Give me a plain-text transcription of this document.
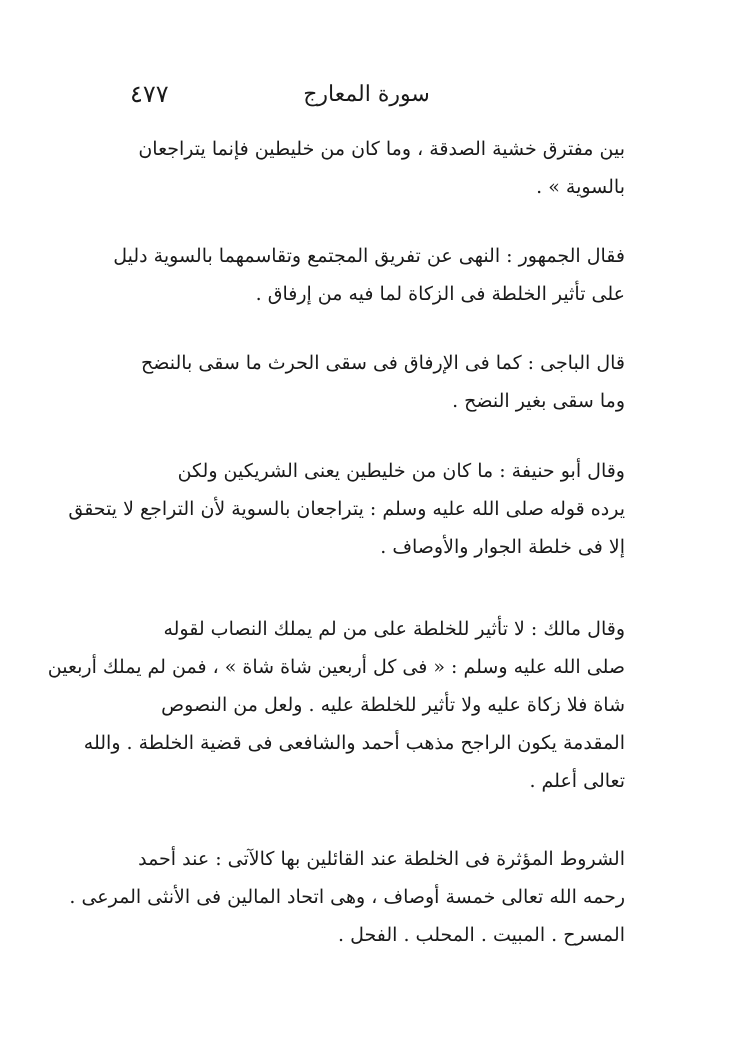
٤٧٧	سورة المعارج
بين مفترق خشية الصدقة ، وما كان من خليطين فإنما يتراجعان
بالسوية » .
فقال الجمهور : النهى عن تفريق المجتمع وتقاسمهما بالسوية دليل
على تأثير الخلطة فى الزكاة لما فيه من إرفاق .
قال الباجى : كما فى الإرفاق فى سقى الحرث ما سقى بالنضح
وما سقى بغير النضح .
وقال أبو حنيفة : ما كان من خليطين يعنى الشريكين ولكن
يرده قوله صلى الله عليه وسلم : يتراجعان بالسوية لأن التراجع لا يتحقق
إلا فى خلطة الجوار والأوصاف .
وقال مالك : لا تأثير للخلطة على من لم يملك النصاب لقوله
صلى الله عليه وسلم : « فى كل أربعين شاة شاة » ، فمن لم يملك أربعين
شاة فلا زكاة عليه ولا تأثير للخلطة عليه . ولعل من النصوص
المقدمة يكون الراجح مذهب أحمد والشافعى فى قضية الخلطة . والله
تعالى أعلم .
الشروط المؤثرة فى الخلطة عند القائلين بها كالآتى : عند أحمد
رحمه الله تعالى خمسة أوصاف ، وهى اتحاد المالين فى الأنثى المرعى .
المسرح . المبيت . المحلب . الفحل .
